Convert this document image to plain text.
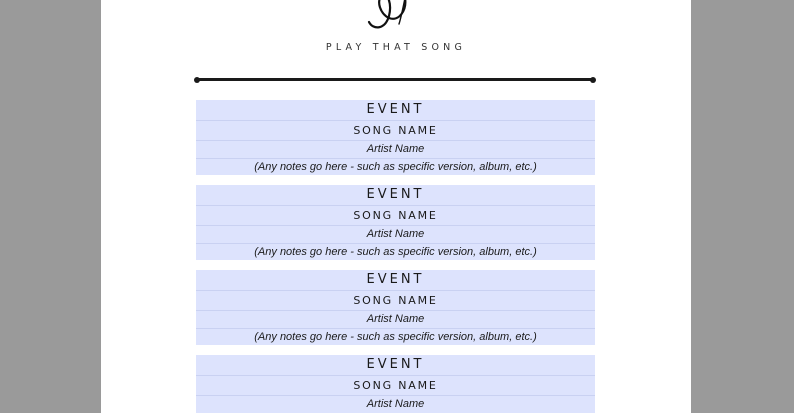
PLAY THAT SONG
EVENT
SONG NAME
Artist Name
(Any notes go here - such as specific version, album, etc.)
EVENT
SONG NAME
Artist Name
(Any notes go here - such as specific version, album, etc.)
EVENT
SONG NAME
Artist Name
(Any notes go here - such as specific version, album, etc.)
EVENT
SONG NAME
Artist Name
